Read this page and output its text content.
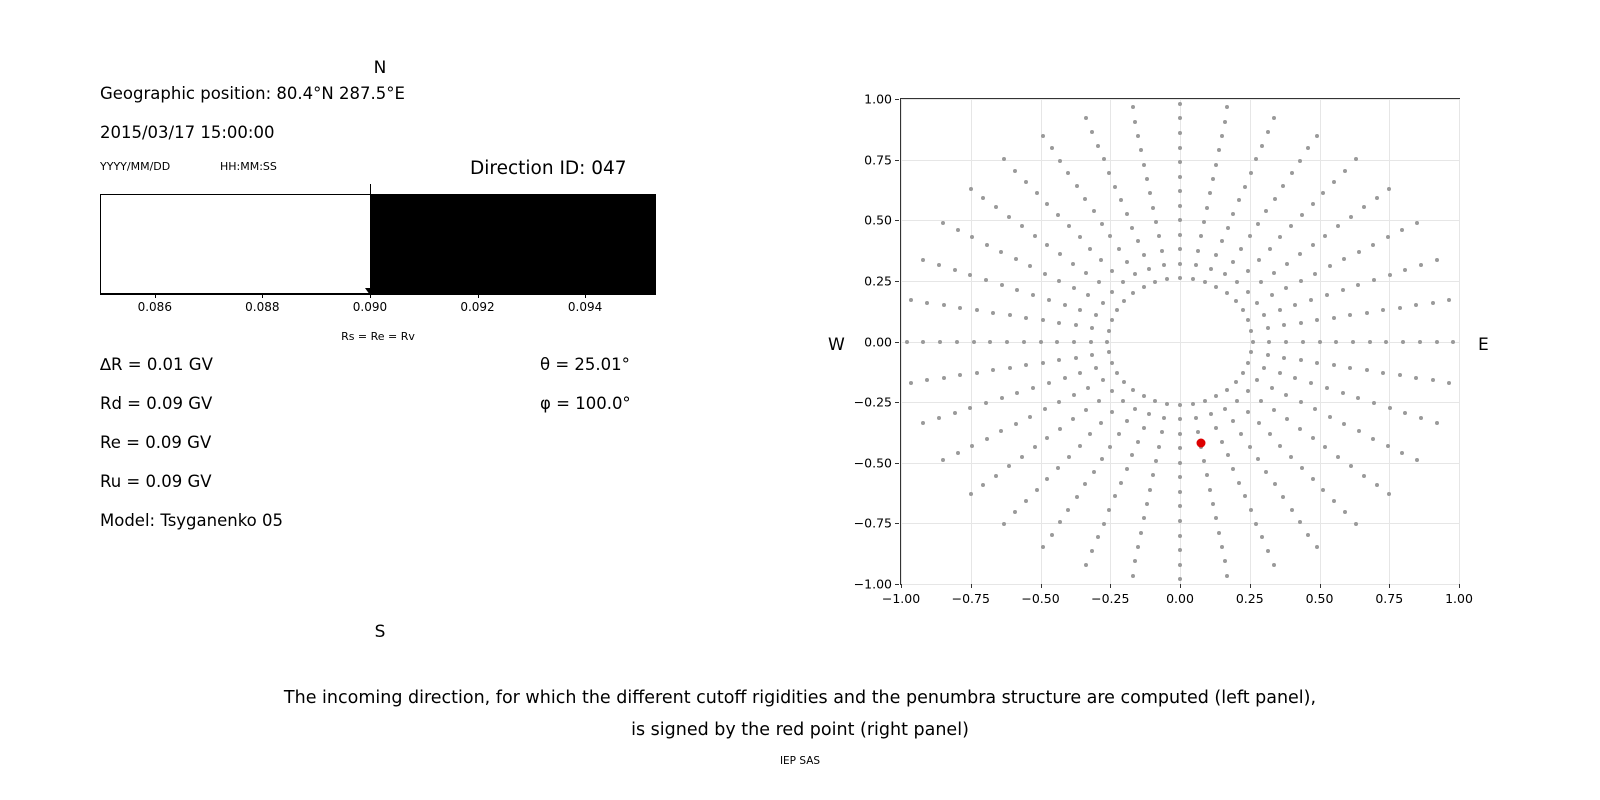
Geographic position: 80.4°N 287.5°E
2015/03/17 15:00:00
YYYY/MM/DD	HH:MM:SS	Direction ID: 047
0.086	0.088	0.090	0.092	0.094
Rs = Re = Rv
∆R = 0.01 GV
Rd = 0.09 GV
Re = 0.09 GV
Ru = 0.09 GV
Model: Tsyganenko 05
θ = 25.01°
φ = 100.0°
−1.00	−0.75	−0.50	−0.25	0.00	0.25	0.50	0.75	1.00
−1.00
−0.75
−0.50
−0.25
0.00
0.25
0.50
0.75
1.00
N
S
W	E
The incoming direction, for which the different cutoff rigidities and the penumbra structure are computed (left panel),
is signed by the red point (right panel)
IEP SAS
